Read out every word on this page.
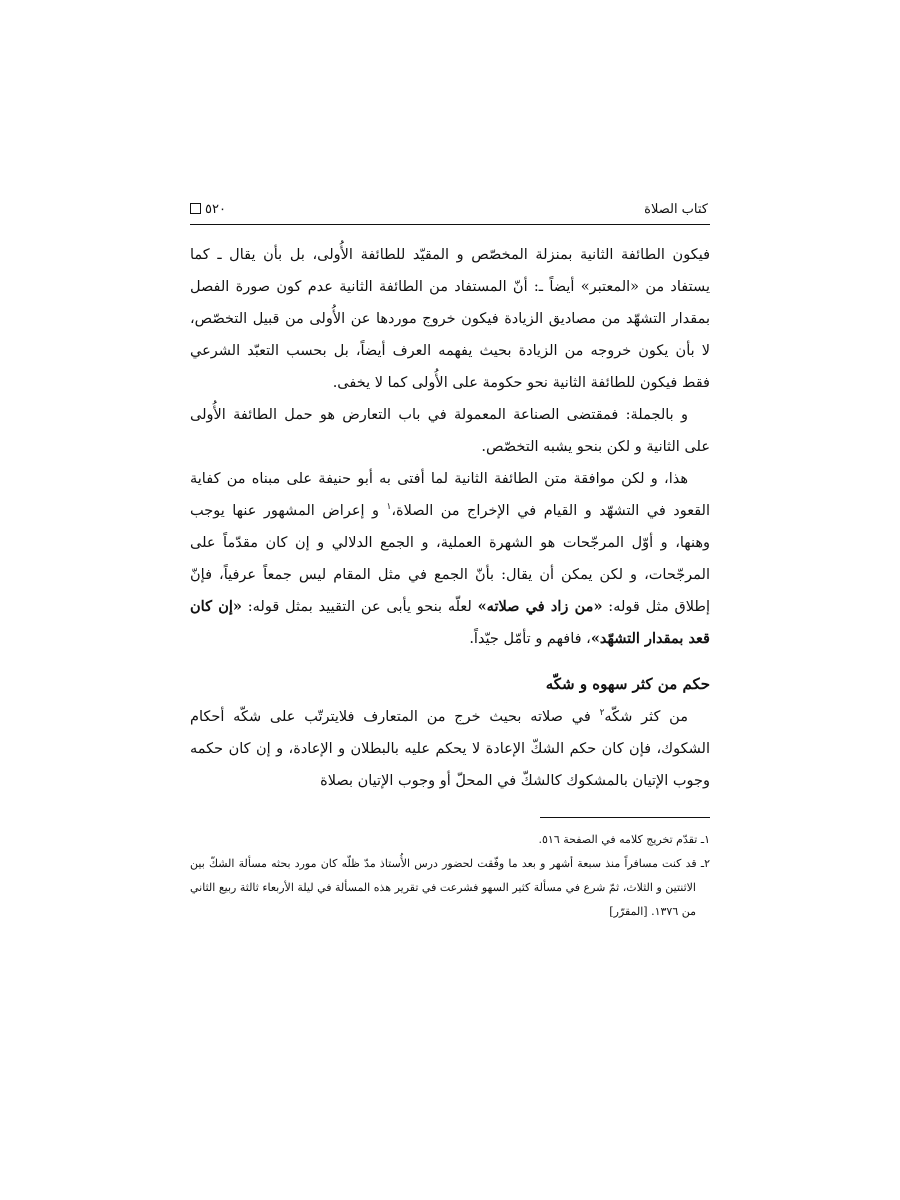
كتاب الصلاة
٥٢٠

فيكون الطائفة الثانية بمنزلة المخصّص و المقيّد للطائفة الأُولى، بل بأن يقال ـ كما يستفاد من «المعتبر» أيضاً ـ: أنّ المستفاد من الطائفة الثانية عدم كون صورة الفصل بمقدار التشهّد من مصاديق الزيادة فيكون خروج موردها عن الأُولى من قبيل التخصّص، لا بأن يكون خروجه من الزيادة بحيث يفهمه العرف أيضاً، بل بحسب التعبّد الشرعي فقط فيكون للطائفة الثانية نحو حكومة على الأُولى كما لا يخفى.

و بالجملة: فمقتضى الصناعة المعمولة في باب التعارض هو حمل الطائفة الأُولى على الثانية و لكن بنحو يشبه التخصّص.

هذا، و لكن موافقة متن الطائفة الثانية لما أفتى به أبو حنيفة على مبناه من كفاية القعود في التشهّد و القيام في الإخراج من الصلاة،$^١$ و إعراض المشهور عنها يوجب وهنها، و أوّل المرجّحات هو الشهرة العملية، و الجمع الدلالي و إن كان مقدّماً على المرجّحات، و لكن يمكن أن يقال: بأنّ الجمع في مثل المقام ليس جمعاً عرفياً، فإنّ إطلاق مثل قوله: «من زاد في صلاته» لعلّه بنحو يأبى عن التقييد بمثل قوله: «إن كان قعد بمقدار التشهّد»، فافهم و تأمّل جيّداً.

حكم من كثر سهوه و شكّه

من كثر شكّه$^٢$ في صلاته بحيث خرج من المتعارف فلايترتّب على شكّه أحكام الشكوك، فإن كان حكم الشكّ الإعادة لا يحكم عليه بالبطلان و الإعادة، و إن كان حكمه وجوب الإتيان بالمشكوك كالشكّ في المحلّ أو وجوب الإتيان بصلاة

١ـ تقدّم تخريج كلامه في الصفحة ٥١٦.

٢ـ قد كنت مسافراً منذ سبعة أشهر و بعد ما وفّقت لحضور درس الأُستاذ مدّ ظلّه كان مورد بحثه مسألة الشكّ بين الاثنتين و الثلاث، ثمّ شرع في مسألة كثير السهو فشرعت في تقرير هذه المسألة في ليلة الأربعاء ثالثة ربيع الثاني من ١٣٧٦. [المقرّر]
